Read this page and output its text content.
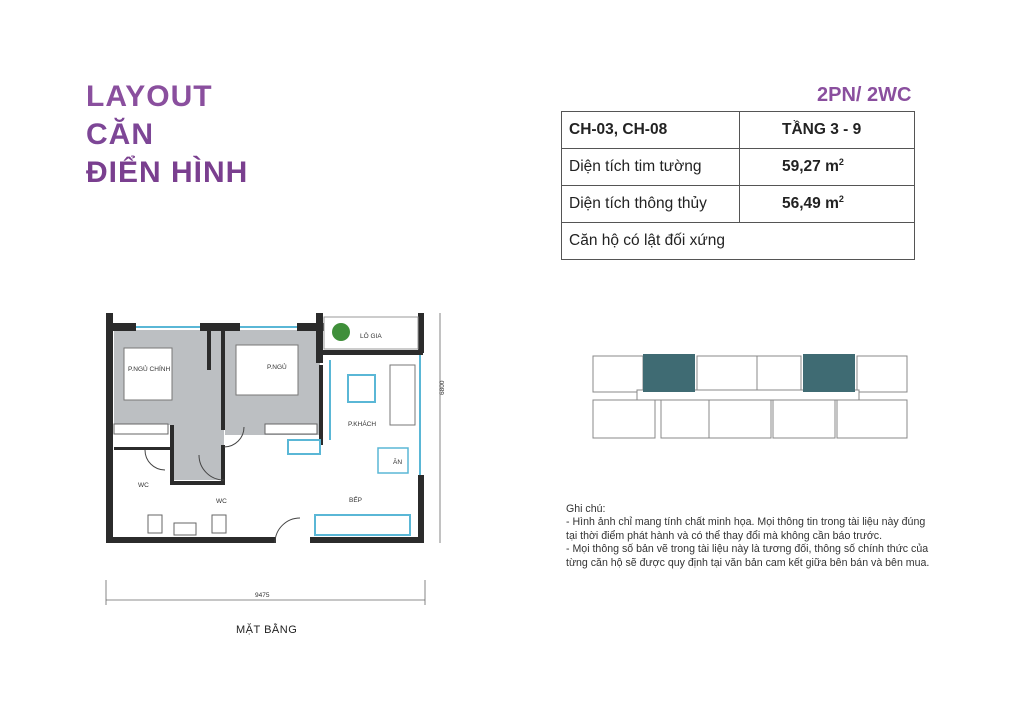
LAYOUT
CĂN
ĐIỂN HÌNH
2PN/ 2WC
CH-03, CH-08	TẦNG 3 - 9
Diện tích tim tường	59,27 $m^2$
Diện tích thông thủy	56,49 $m^2$
Căn hộ có lật đối xứng	
P.NGỦ CHÍNH	P.NGỦ
LÔ GIA
P.KHÁCH
ĂN
BẾP
WC
WC
9475
6800
Ghi chú:
- Hình ảnh chỉ mang tính chất minh họa. Mọi thông tin trong tài liệu này đúng
tại thời điểm phát hành và có thể thay đổi mà không cần báo trước.
- Mọi thông số bản vẽ trong tài liệu này là tương đối, thông số chính thức của
từng căn hộ sẽ được quy định tại văn bản cam kết giữa bên bán và bên mua.
MẶT BẰNG
